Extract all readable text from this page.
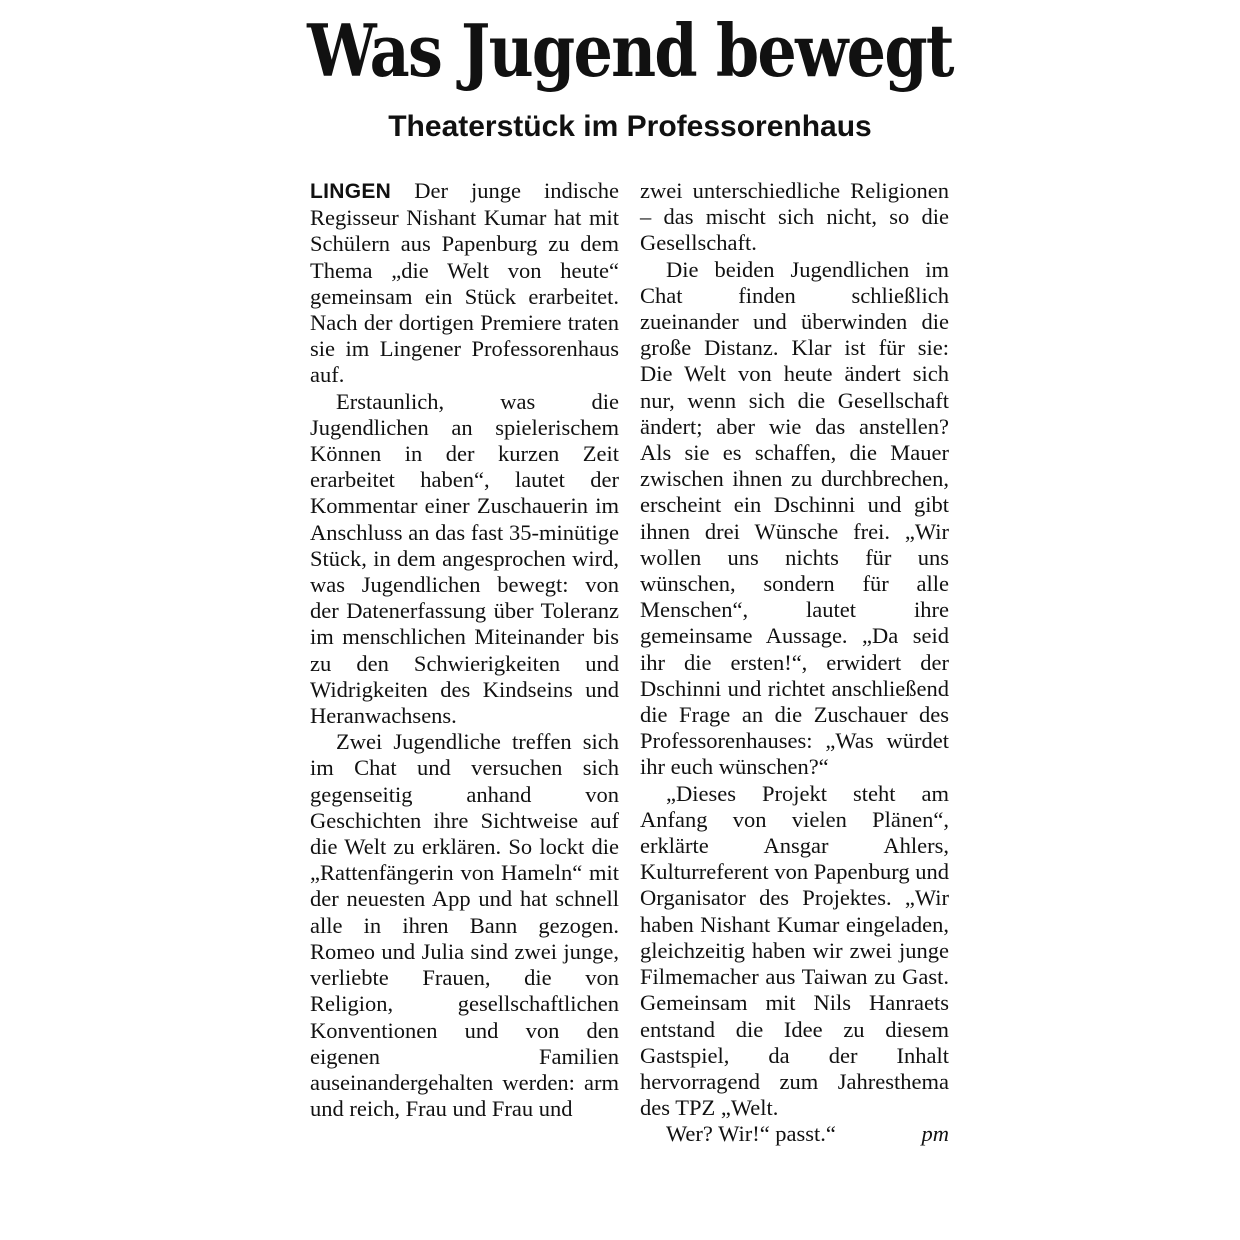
Was Jugend bewegt
Theaterstück im Professorenhaus

LINGEN Der junge indische Regisseur Nishant Kumar hat mit Schülern aus Papenburg zu dem Thema „die Welt von heute“ gemeinsam ein Stück erarbeitet. Nach der dortigen Premiere traten sie im Lingener Professorenhaus auf.

Erstaunlich, was die Jugendlichen an spielerischem Können in der kurzen Zeit erarbeitet haben“, lautet der Kommentar einer Zuschauerin im Anschluss an das fast 35-minütige Stück, in dem angesprochen wird, was Jugendlichen bewegt: von der Datenerfassung über Toleranz im menschlichen Miteinander bis zu den Schwierigkeiten und Widrigkeiten des Kindseins und Heranwachsens.

Zwei Jugendliche treffen sich im Chat und versuchen sich gegenseitig anhand von Geschichten ihre Sichtweise auf die Welt zu erklären. So lockt die „Rattenfängerin von Hameln“ mit der neuesten App und hat schnell alle in ihren Bann gezogen. Romeo und Julia sind zwei junge, verliebte Frauen, die von Religion, gesellschaftlichen Konventionen und von den eigenen Familien auseinandergehalten werden: arm und reich, Frau und Frau und

zwei unterschiedliche Religionen – das mischt sich nicht, so die Gesellschaft.

Die beiden Jugendlichen im Chat finden schließlich zueinander und überwinden die große Distanz. Klar ist für sie: Die Welt von heute ändert sich nur, wenn sich die Gesellschaft ändert; aber wie das anstellen? Als sie es schaffen, die Mauer zwischen ihnen zu durchbrechen, erscheint ein Dschinni und gibt ihnen drei Wünsche frei. „Wir wollen uns nichts für uns wünschen, sondern für alle Menschen“, lautet ihre gemeinsame Aussage. „Da seid ihr die ersten!“, erwidert der Dschinni und richtet anschließend die Frage an die Zuschauer des Professorenhauses: „Was würdet ihr euch wünschen?“

„Dieses Projekt steht am Anfang von vielen Plänen“, erklärte Ansgar Ahlers, Kulturreferent von Papenburg und Organisator des Projektes. „Wir haben Nishant Kumar eingeladen, gleichzeitig haben wir zwei junge Filmemacher aus Taiwan zu Gast. Gemeinsam mit Nils Hanraets entstand die Idee zu diesem Gastspiel, da der Inhalt hervorragend zum Jahresthema des TPZ „Welt.

Wer? Wir!“ passt.“	pm
